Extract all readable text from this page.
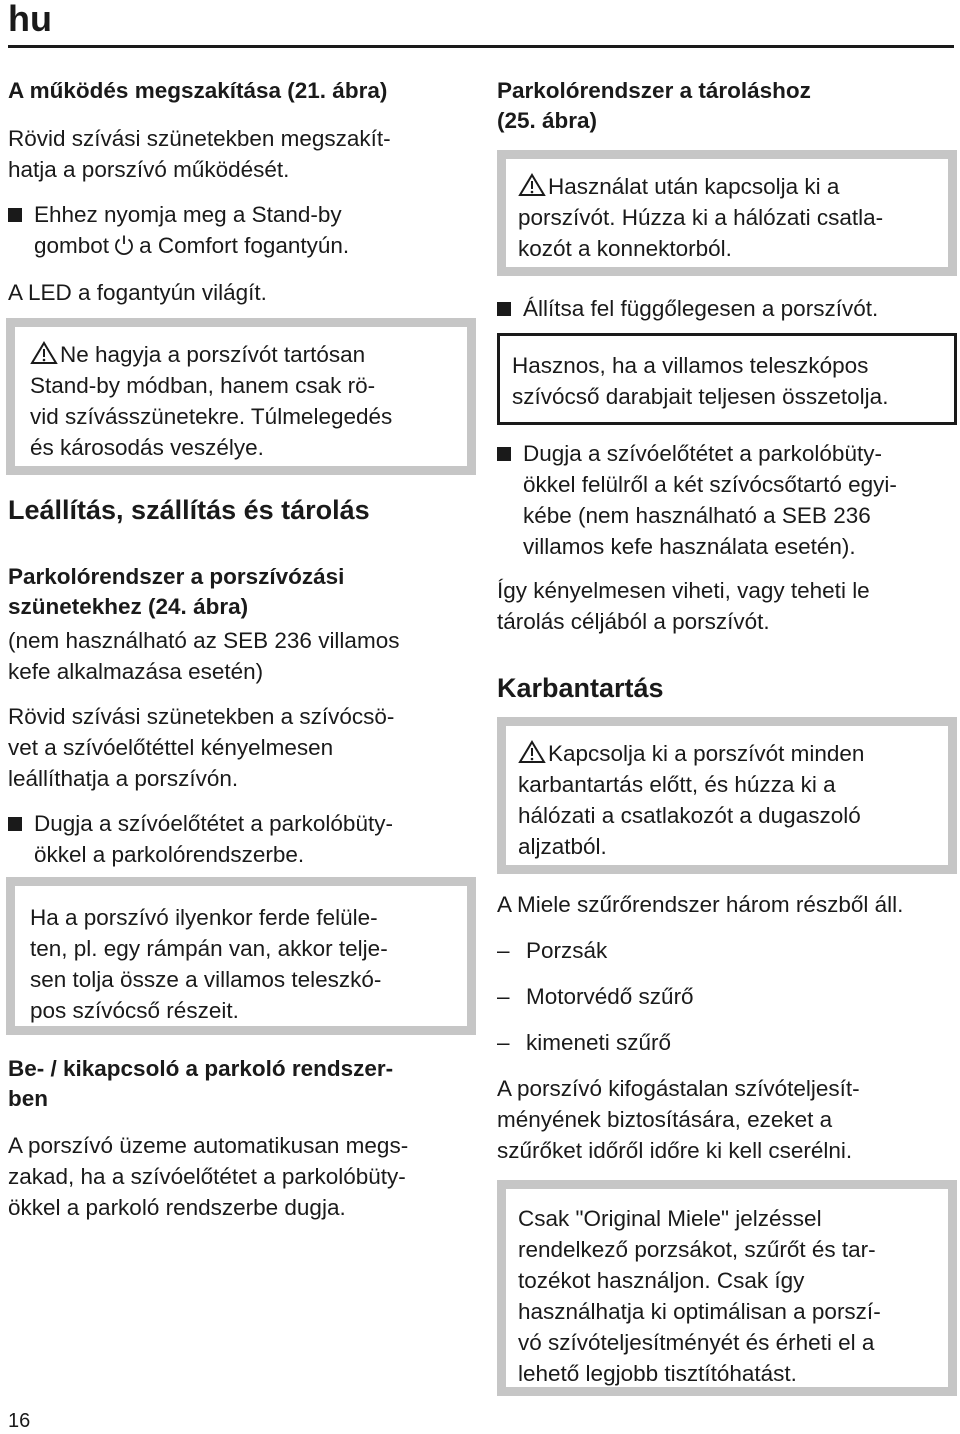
hu
A működés megszakítása (21. ábra)
Rövid szívási szünetekben megszakít-
hatja a porszívó működését.
Ehhez nyomja meg a Stand-by
gombot a Comfort fogantyún.
A LED a fogantyún világít.
Ne hagyja a porszívót tartósan
Stand-by módban, hanem csak rö-
vid szívásszünetekre. Túlmelegedés
és károsodás veszélye.
Leállítás, szállítás és tárolás
Parkolórendszer a porszívózási
szünetekhez (24. ábra)
(nem használható az SEB 236 villamos
kefe alkalmazása esetén)
Rövid szívási szünetekben a szívócsö-
vet a szívóelőtéttel kényelmesen
leállíthatja a porszívón.
Dugja a szívóelőtétet a parkolóbüty-
ökkel a parkolórendszerbe.
Ha a porszívó ilyenkor ferde felüle-
ten, pl. egy rámpán van, akkor telje-
sen tolja össze a villamos teleszkó-
pos szívócső részeit.
Be- / kikapcsoló a parkoló rendszer-
ben
A porszívó üzeme automatikusan megs-
zakad, ha a szívóelőtétet a parkolóbüty-
ökkel a parkoló rendszerbe dugja.
Parkolórendszer a tároláshoz
(25. ábra)
Használat után kapcsolja ki a
porszívót. Húzza ki a hálózati csatla-
kozót a konnektorból.
Állítsa fel függőlegesen a porszívót.
Hasznos, ha a villamos teleszkópos
szívócső darabjait teljesen összetolja.
Dugja a szívóelőtétet a parkolóbüty-
ökkel felülről a két szívócsőtartó egyi-
kébe (nem használható a SEB 236
villamos kefe használata esetén).
Így kényelmesen viheti, vagy teheti le
tárolás céljából a porszívót.
Karbantartás
Kapcsolja ki a porszívót minden
karbantartás előtt, és húzza ki a
hálózati a csatlakozót a dugaszoló
aljzatból.
A Miele szűrőrendszer három részből áll.
– Porzsák
– Motorvédő szűrő
– kimeneti szűrő
A porszívó kifogástalan szívóteljesít-
ményének biztosítására, ezeket a
szűrőket időről időre ki kell cserélni.
Csak "Original Miele" jelzéssel
rendelkező porzsákot, szűrőt és tar-
tozékot használjon. Csak így
használhatja ki optimálisan a porszí-
vó szívóteljesítményét és érheti el a
lehető legjobb tisztítóhatást.
16
